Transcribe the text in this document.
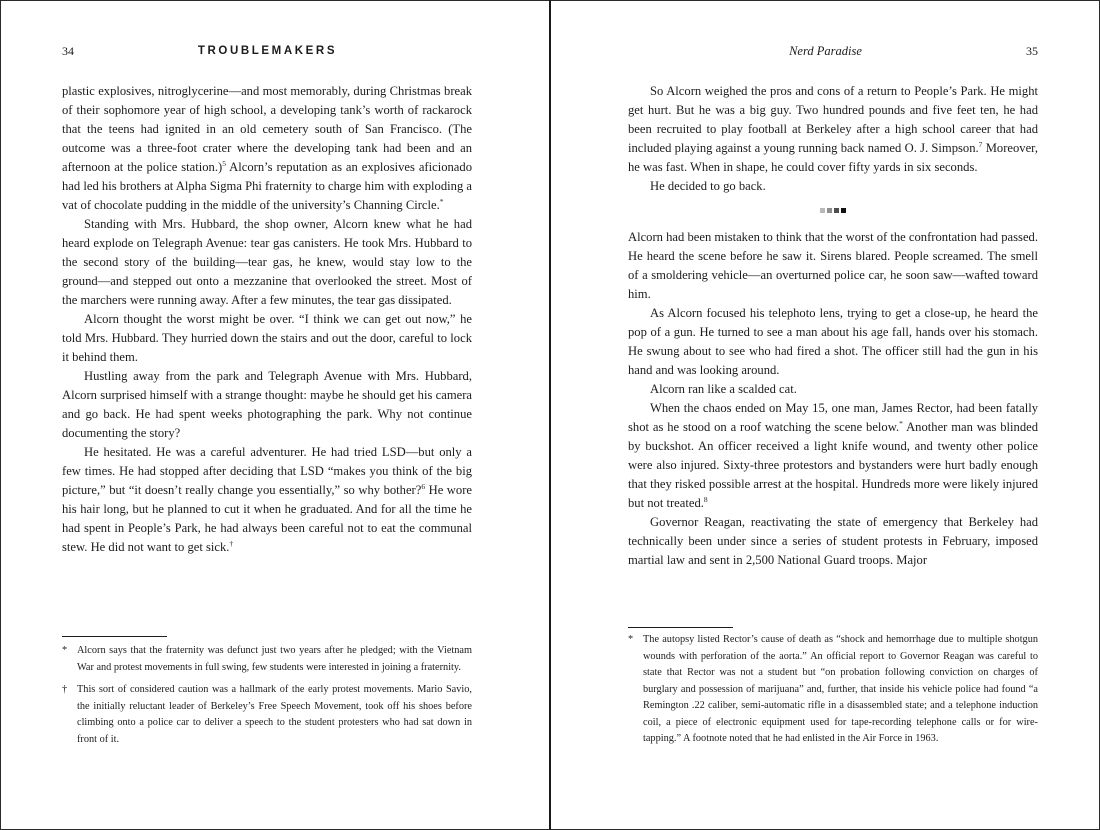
34	TROUBLEMAKERS

plastic explosives, nitroglycerine—and most memorably, during Christmas break of their sophomore year of high school, a developing tank’s worth of rackarock that the teens had ignited in an old cemetery south of San Francisco. (The outcome was a three-foot crater where the developing tank had been and an afternoon at the police station.)$^5$ Alcorn’s reputation as an explosives aficionado had led his brothers at Alpha Sigma Phi fraternity to charge him with exploding a vat of chocolate pudding in the middle of the university’s Channing Circle.*

Standing with Mrs. Hubbard, the shop owner, Alcorn knew what he had heard explode on Telegraph Avenue: tear gas canisters. He took Mrs. Hubbard to the second story of the building—tear gas, he knew, would stay low to the ground—and stepped out onto a mezzanine that overlooked the street. Most of the marchers were running away. After a few minutes, the tear gas dissipated.

Alcorn thought the worst might be over. “I think we can get out now,” he told Mrs. Hubbard. They hurried down the stairs and out the door, careful to lock it behind them.

Hustling away from the park and Telegraph Avenue with Mrs. Hubbard, Alcorn surprised himself with a strange thought: maybe he should get his camera and go back. He had spent weeks photographing the park. Why not continue documenting the story?

He hesitated. He was a careful adventurer. He had tried LSD—but only a few times. He had stopped after deciding that LSD “makes you think of the big picture,” but “it doesn’t really change you essentially,” so why bother?$^6$ He wore his hair long, but he planned to cut it when he graduated. And for all the time he had spent in People’s Park, he had always been careful not to eat the communal stew. He did not want to get sick.†

* Alcorn says that the fraternity was defunct just two years after he pledged; with the Vietnam War and protest movements in full swing, few students were interested in joining a fraternity.
† This sort of considered caution was a hallmark of the early protest movements. Mario Savio, the initially reluctant leader of Berkeley’s Free Speech Movement, took off his shoes before climbing onto a police car to deliver a speech to the student protesters who had sat down in front of it.
Nerd Paradise	35

So Alcorn weighed the pros and cons of a return to People’s Park. He might get hurt. But he was a big guy. Two hundred pounds and five feet ten, he had been recruited to play football at Berkeley after a high school career that had included playing against a young running back named O. J. Simpson.$^7$ Moreover, he was fast. When in shape, he could cover fifty yards in six seconds.

He decided to go back.

Alcorn had been mistaken to think that the worst of the confrontation had passed. He heard the scene before he saw it. Sirens blared. People screamed. The smell of a smoldering vehicle—an overturned police car, he soon saw—wafted toward him.

As Alcorn focused his telephoto lens, trying to get a close-up, he heard the pop of a gun. He turned to see a man about his age fall, hands over his stomach. He swung about to see who had fired a shot. The officer still had the gun in his hand and was looking around.

Alcorn ran like a scalded cat.

When the chaos ended on May 15, one man, James Rector, had been fatally shot as he stood on a roof watching the scene below.* Another man was blinded by buckshot. An officer received a light knife wound, and twenty other police were also injured. Sixty-three protestors and bystanders were hurt badly enough that they risked possible arrest at the hospital. Hundreds more were likely injured but not treated.$^8$

Governor Reagan, reactivating the state of emergency that Berkeley had technically been under since a series of student protests in February, imposed martial law and sent in 2,500 National Guard troops. Major

* The autopsy listed Rector’s cause of death as “shock and hemorrhage due to multiple shotgun wounds with perforation of the aorta.” An official report to Governor Reagan was careful to state that Rector was not a student but “on probation following conviction on charges of burglary and possession of marijuana” and, further, that inside his vehicle police had found “a Remington .22 caliber, semi-automatic rifle in a disassembled state; and a telephone induction coil, a piece of electronic equipment used for tape-recording telephone calls or for wire-tapping.” A footnote noted that he had enlisted in the Air Force in 1963.
